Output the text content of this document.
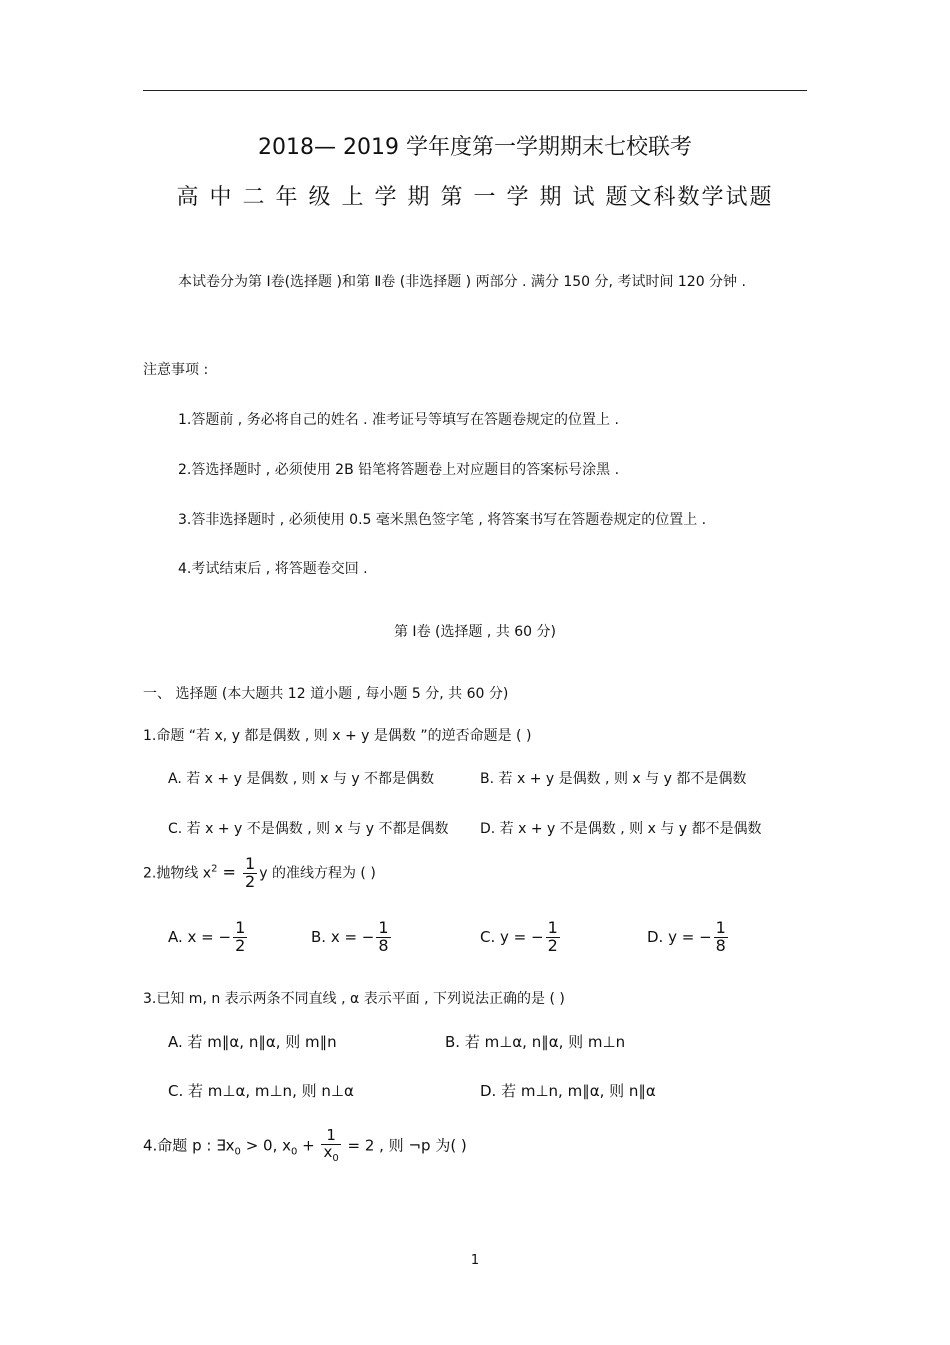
2018— 2019 学年度第一学期期末七校联考
高 中 二 年 级 上 学 期 第 一 学 期 试 题文科数学试题
本试卷分为第 Ⅰ卷(选择题 )和第 Ⅱ卷 (非选择题 ) 两部分 . 满分 150 分, 考试时间 120 分钟 .
注意事项 :
1.答题前 , 务必将自己的姓名 . 准考证号等填写在答题卷规定的位置上 .
2.答选择题时 , 必须使用 2B 铅笔将答题卷上对应题目的答案标号涂黑 .
3.答非选择题时 , 必须使用 0.5 毫米黑色签字笔 , 将答案书写在答题卷规定的位置上 .
4.考试结束后 , 将答题卷交回 .
第 Ⅰ卷 (选择题 , 共 60 分)
一、 选择题 (本大题共 12 道小题 , 每小题 5 分, 共 60 分)
1.命题 “若 x, y 都是偶数 , 则 x + y 是偶数 ”的逆否命题是 ( )
A. 若 x + y 是偶数 , 则 x 与 y 不都是偶数	B. 若 x + y 是偶数 , 则 x 与 y 都不是偶数
C. 若 x + y 不是偶数 , 则 x 与 y 不都是偶数 D. 若 x + y 不是偶数 , 则 x 与 y 都不是偶数
2.抛物线 $x^2 = \frac{1}{2}$ y 的准线方程为 ( )
A. x = − $\frac{1}{2}$	B. x = − $\frac{1}{8}$	C. y = − $\frac{1}{2}$	D. y = − $\frac{1}{8}$
3.已知 m, n 表示两条不同直线 , α 表示平面 , 下列说法正确的是 ( )
A. 若 m∥α, n∥α, 则 m∥n	B. 若 m⊥α, n∥α, 则 m⊥n
C. 若 m⊥α, m⊥n, 则 n⊥α	D. 若 m⊥n, m∥α, 则 n∥α
4.命题 p : $\exists x_0 > 0$, $x_0 + \frac{1}{x_0} = 2$ , 则 ¬p 为( )
1
